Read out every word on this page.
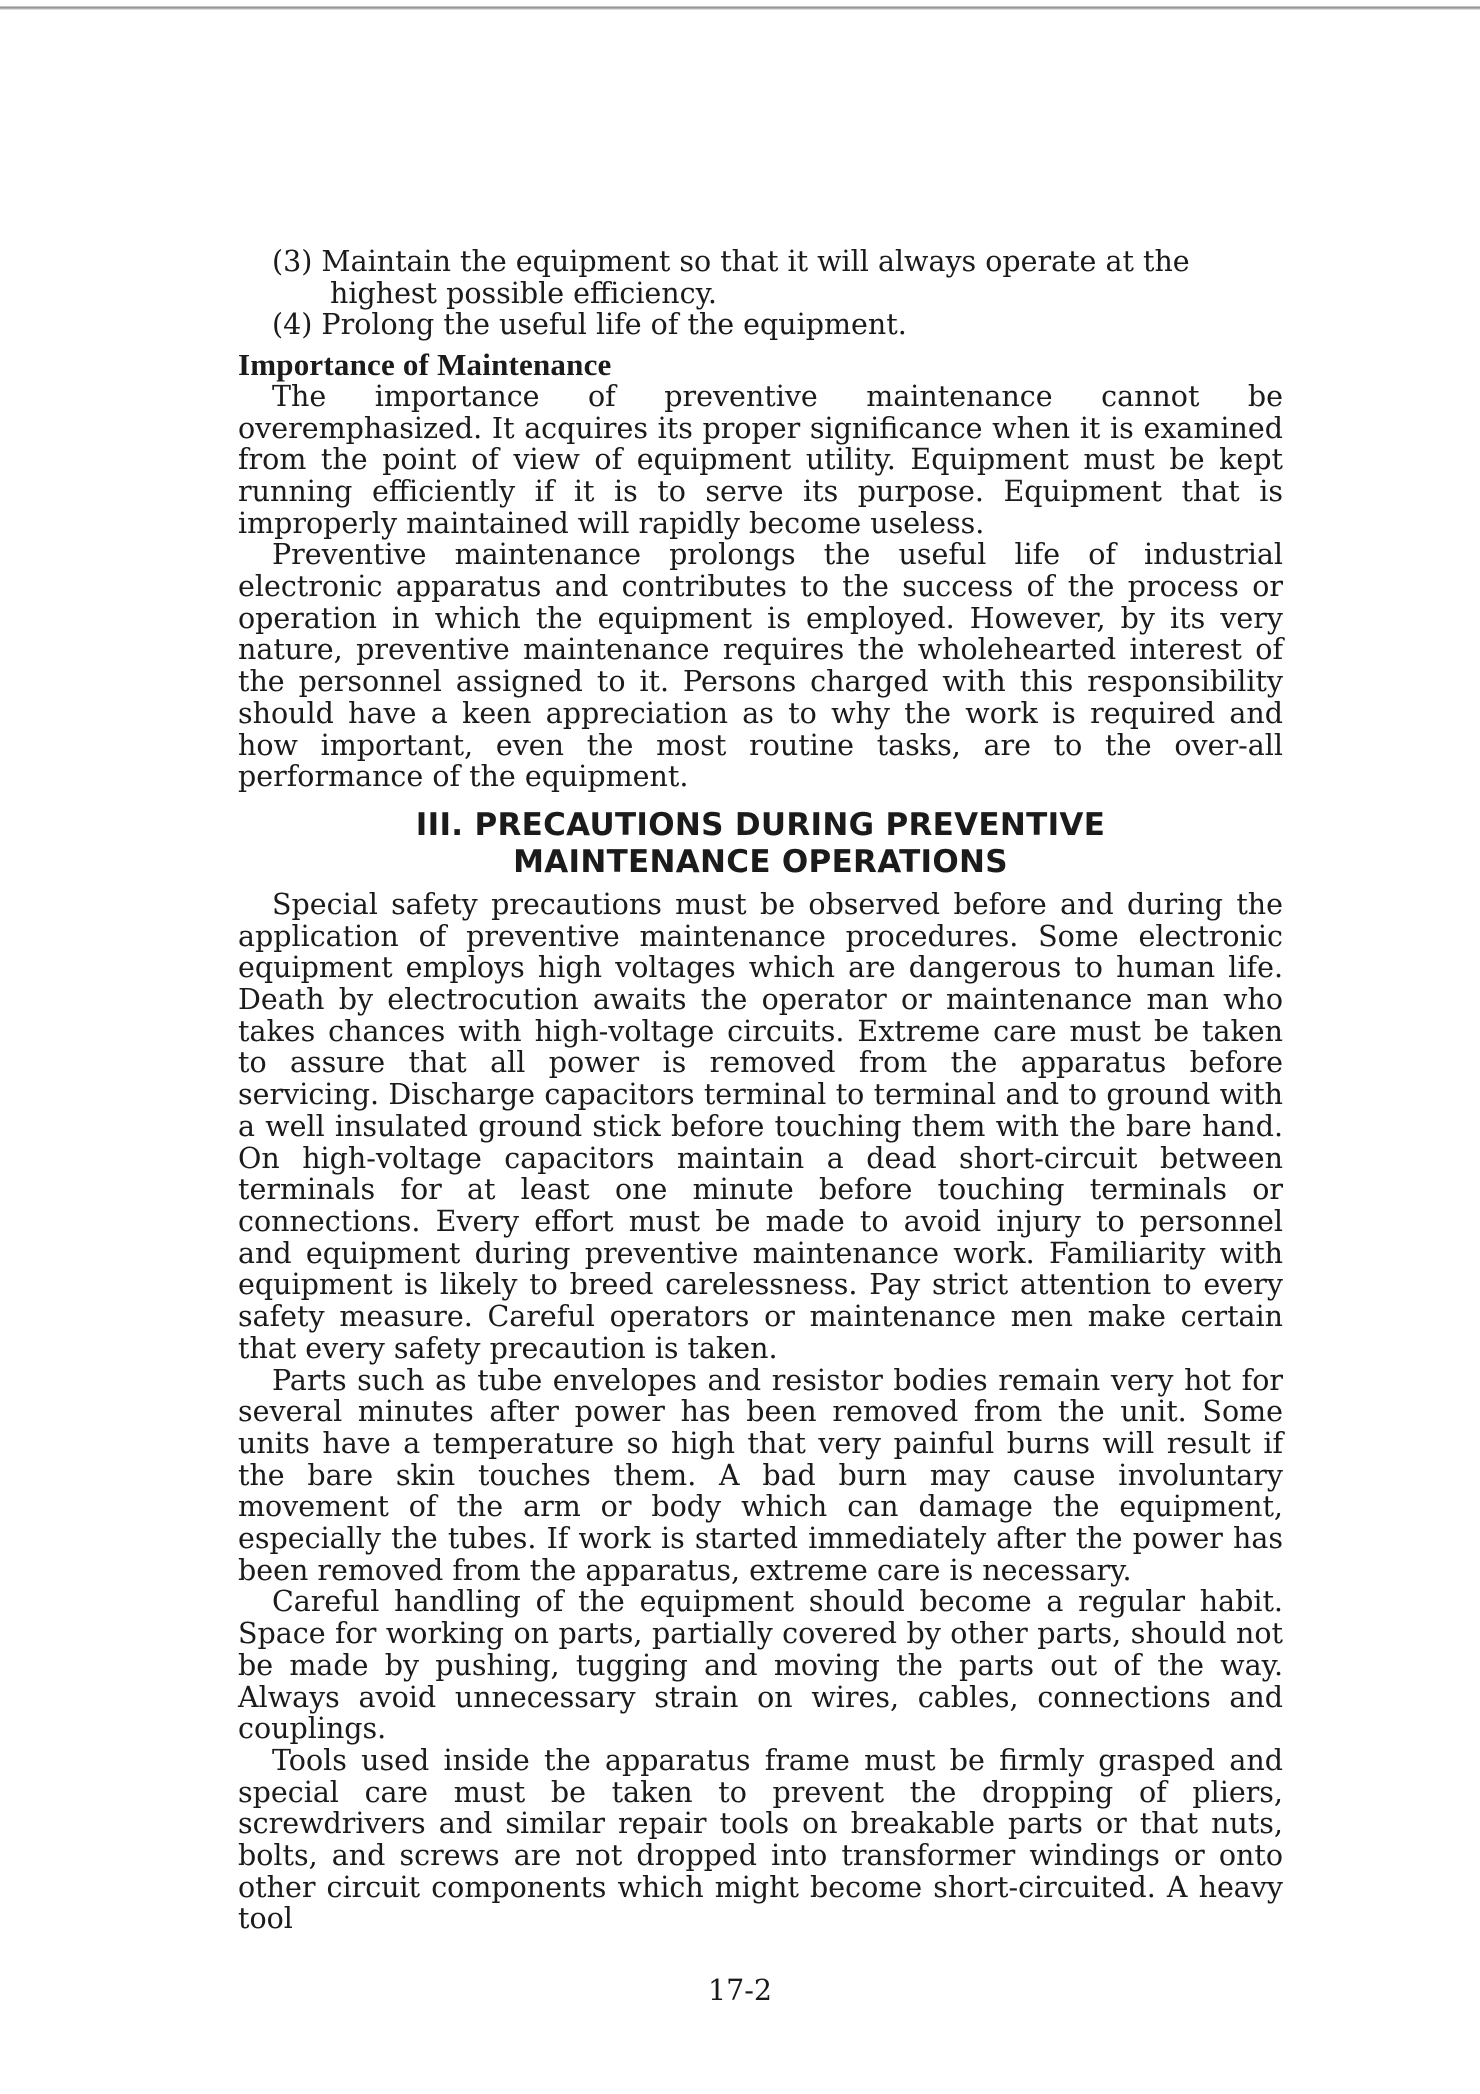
(3) Maintain the equipment so that it will always operate at the highest possible efficiency.
(4) Prolong the useful life of the equipment.
Importance of Maintenance

The importance of preventive maintenance cannot be overemphasized. It acquires its proper significance when it is examined from the point of view of equipment utility. Equipment must be kept running efficiently if it is to serve its purpose. Equipment that is improperly maintained will rapidly become useless.

Preventive maintenance prolongs the useful life of industrial electronic apparatus and contributes to the success of the process or operation in which the equipment is employed. However, by its very nature, preventive maintenance requires the wholehearted interest of the personnel assigned to it. Persons charged with this responsibility should have a keen appreciation as to why the work is required and how important, even the most routine tasks, are to the over-all performance of the equipment.

III. PRECAUTIONS DURING PREVENTIVE
MAINTENANCE OPERATIONS

Special safety precautions must be observed before and during the application of preventive maintenance procedures. Some electronic equipment employs high voltages which are dangerous to human life. Death by electrocution awaits the operator or maintenance man who takes chances with high-voltage circuits. Extreme care must be taken to assure that all power is removed from the apparatus before servicing. Discharge capacitors terminal to terminal and to ground with a well insulated ground stick before touching them with the bare hand. On high-voltage capacitors maintain a dead short-circuit between terminals for at least one minute before touching terminals or connections. Every effort must be made to avoid injury to personnel and equipment during preventive maintenance work. Familiarity with equipment is likely to breed carelessness. Pay strict attention to every safety measure. Careful operators or maintenance men make certain that every safety precaution is taken.

Parts such as tube envelopes and resistor bodies remain very hot for several minutes after power has been removed from the unit. Some units have a temperature so high that very painful burns will result if the bare skin touches them. A bad burn may cause involuntary movement of the arm or body which can damage the equipment, especially the tubes. If work is started immediately after the power has been removed from the apparatus, extreme care is necessary.

Careful handling of the equipment should become a regular habit. Space for working on parts, partially covered by other parts, should not be made by pushing, tugging and moving the parts out of the way. Always avoid unnecessary strain on wires, cables, connections and couplings.

Tools used inside the apparatus frame must be firmly grasped and special care must be taken to prevent the dropping of pliers, screwdrivers and similar repair tools on breakable parts or that nuts, bolts, and screws are not dropped into transformer windings or onto other circuit components which might become short-circuited. A heavy tool

17-2
